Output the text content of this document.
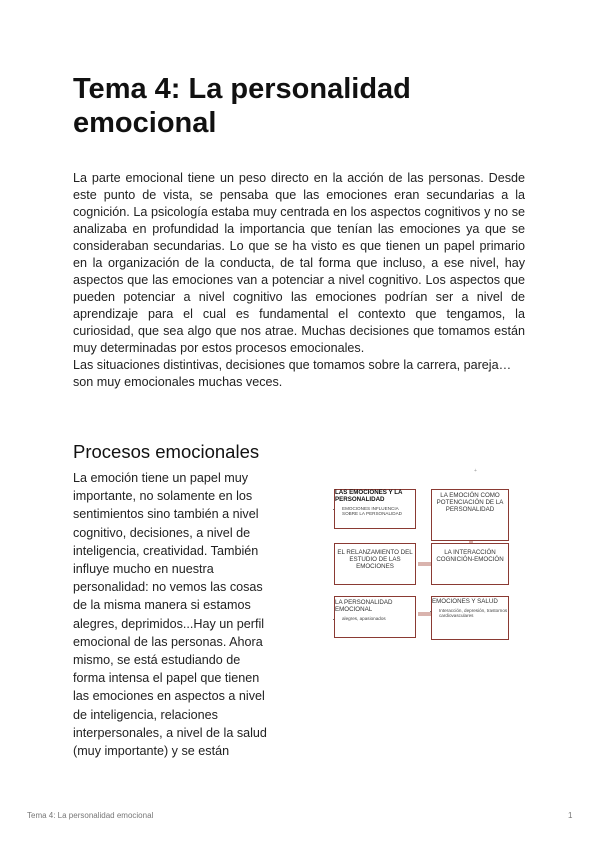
Tema 4: La personalidad emocional

La parte emocional tiene un peso directo en la acción de las personas. Desde este punto de vista, se pensaba que las emociones eran secundarias a la cognición. La psicología estaba muy centrada en los aspectos cognitivos y no se analizaba en profundidad la importancia que tenían las emociones ya que se consideraban secundarias. Lo que se ha visto es que tienen un papel primario en la organización de la conducta, de tal forma que incluso, a ese nivel, hay aspectos que las emociones van a potenciar a nivel cognitivo. Los aspectos que pueden potenciar a nivel cognitivo las emociones podrían ser a nivel de aprendizaje para el cual es fundamental el contexto que tengamos, la curiosidad, que sea algo que nos atrae. Muchas decisiones que tomamos están muy determinadas por estos procesos emocionales.

Las situaciones distintivas, decisiones que tomamos sobre la carrera, pareja…son muy emocionales muchas veces.

Procesos emocionales

La emoción tiene un papel muy importante, no solamente en los sentimientos sino también a nivel cognitivo, decisiones, a nivel de inteligencia, creatividad. También influye mucho en nuestra personalidad: no vemos las cosas de la misma manera si estamos alegres, deprimidos...Hay un perfil emocional de las personas. Ahora mismo, se está estudiando de forma intensa el papel que tienen las emociones en aspectos a nivel de inteligencia, relaciones interpersonales, a nivel de la salud (muy importante) y se están

+
LAS EMOCIONES Y LA PERSONALIDAD
• EMOCIONES INFLUENCIA SOBRE LA PERSONALIDAD
EL RELANZAMIENTO DEL ESTUDIO DE LAS EMOCIONES
LA PERSONALIDAD EMOCIONAL
• alegres, apasionados
LA EMOCIÓN COMO POTENCIACIÓN DE LA PERSONALIDAD
LA INTERACCIÓN COGNICIÓN-EMOCIÓN
EMOCIONES Y SALUD
• Interacción, depresión, trastornos cardiovasculares
Tema 4: La personalidad emocional	1
